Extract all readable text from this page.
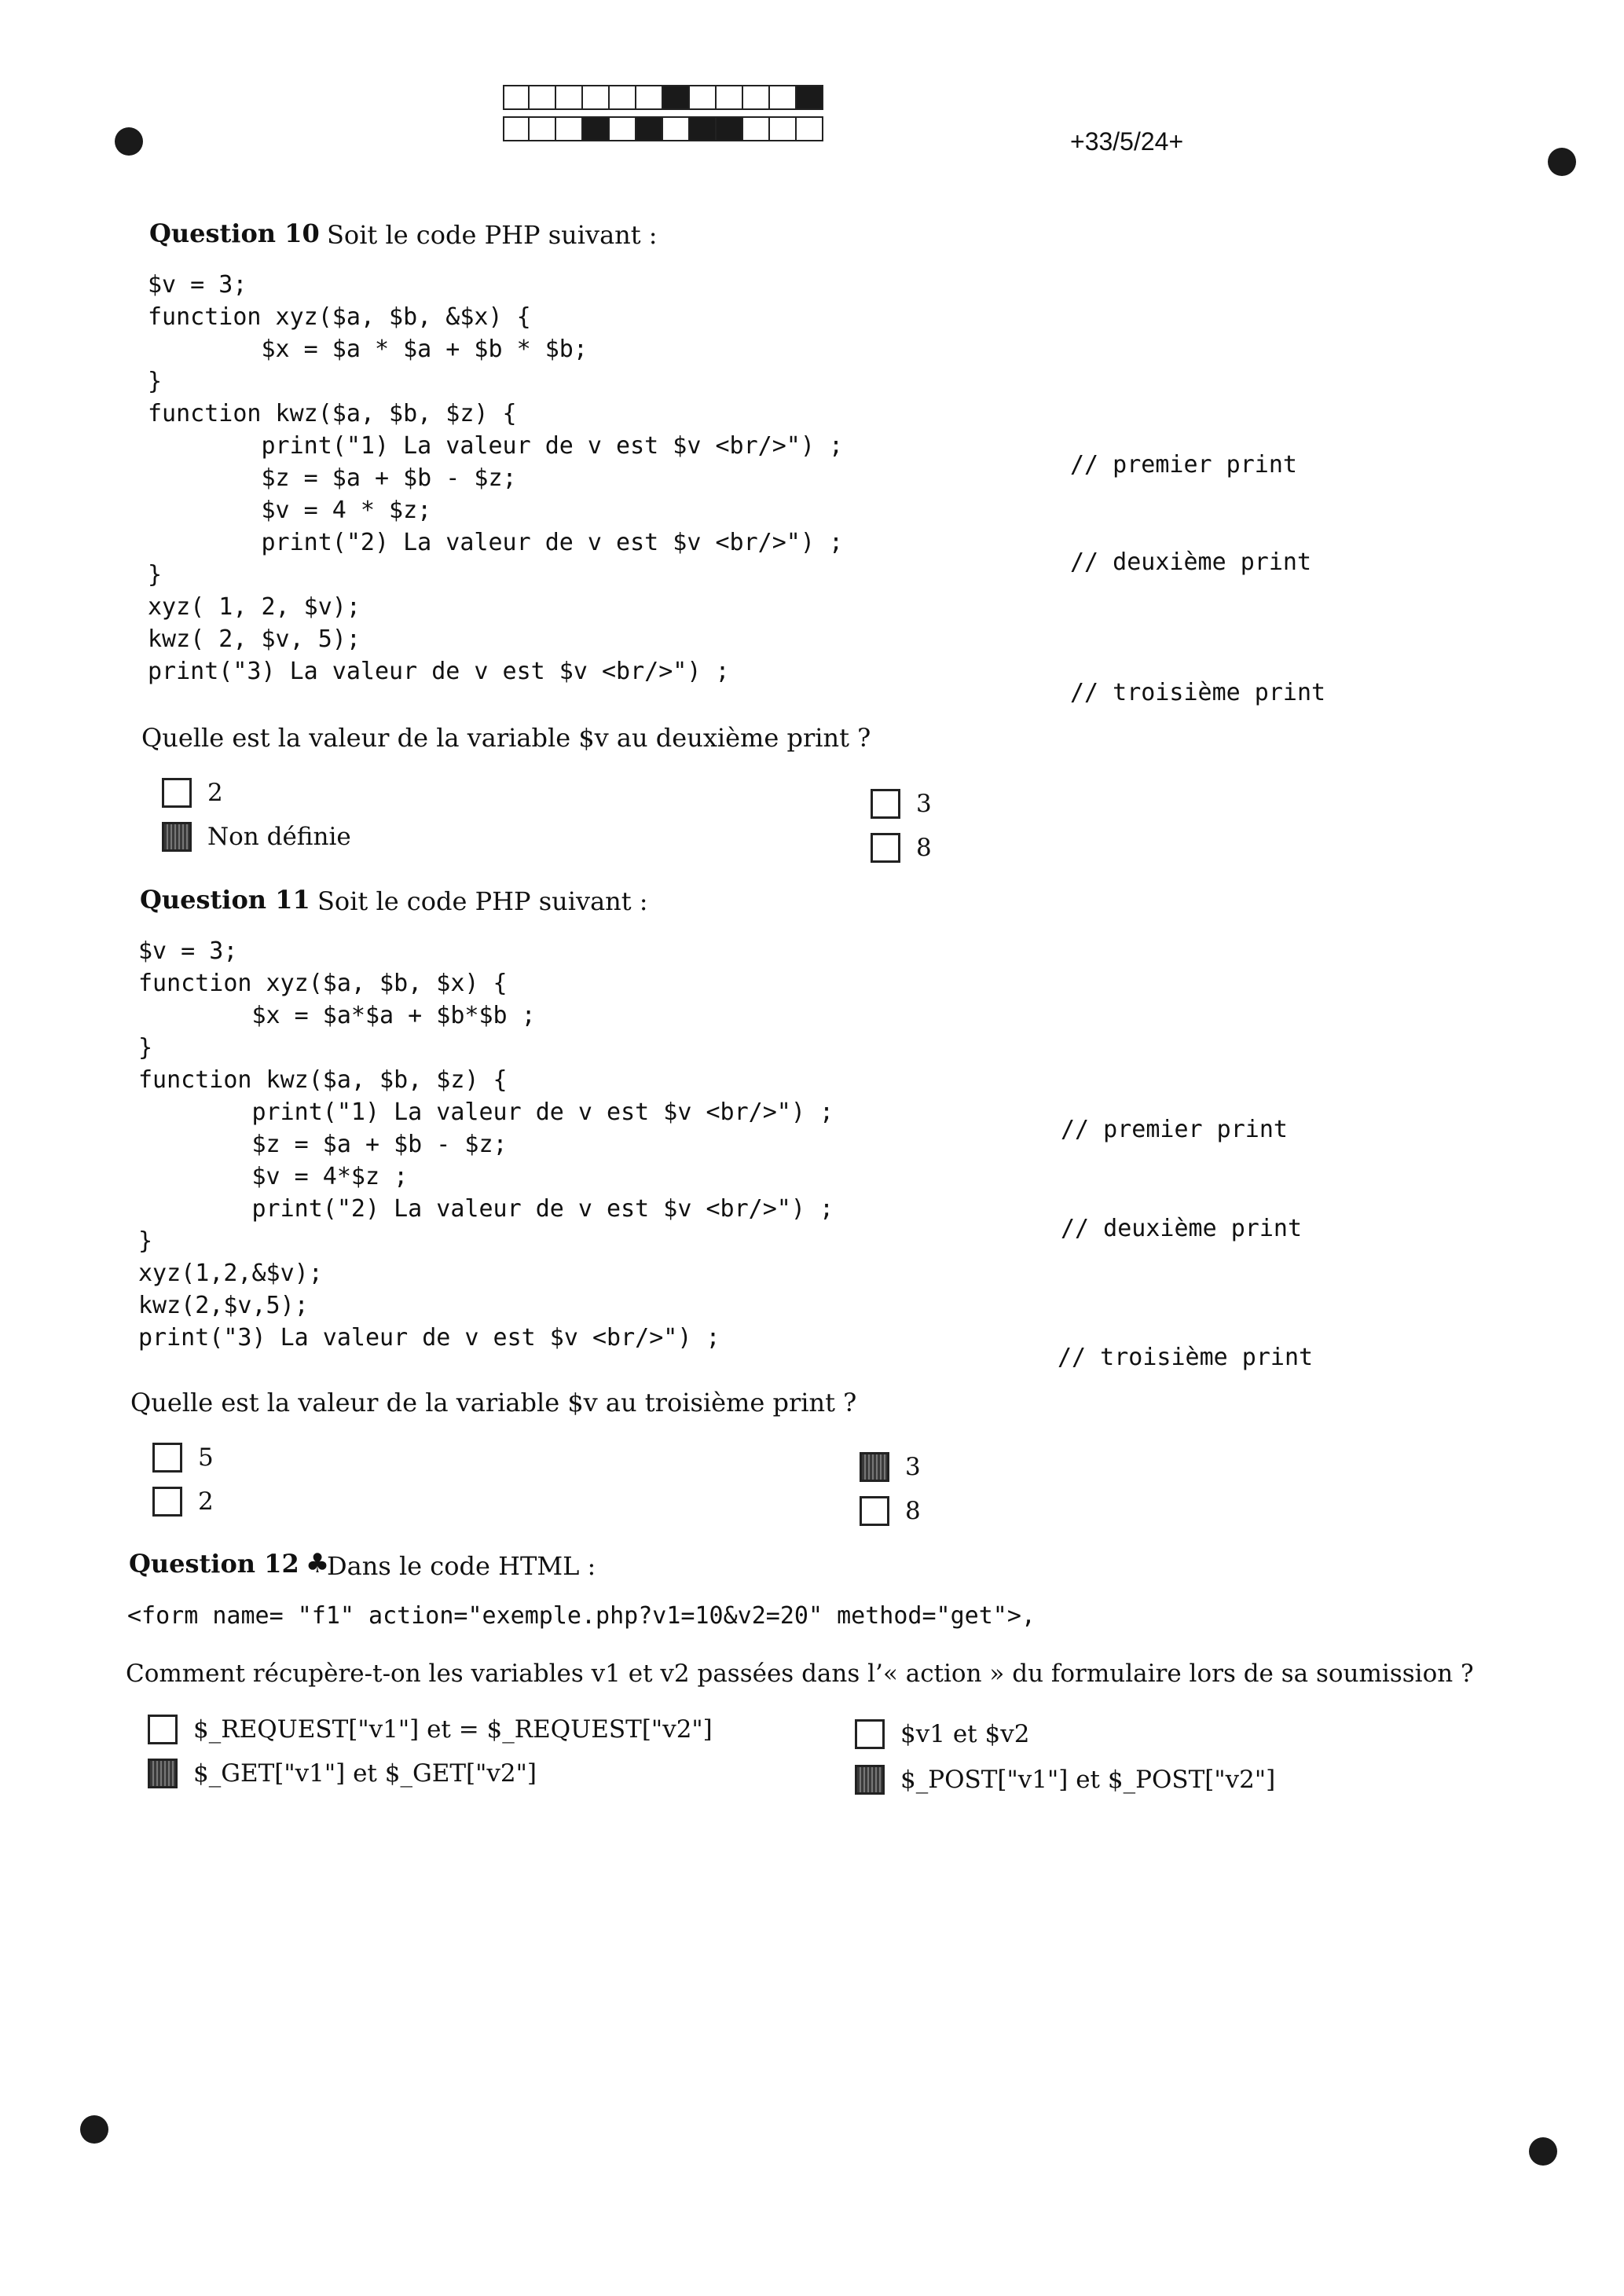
+33/5/24+
Question 10 Soit le code PHP suivant :
$v = 3;
function xyz($a, $b, &$x) {
$x = $a * $a + $b * $b;
}
function kwz($a, $b, $z) {
print("1) La valeur de v est $v <br/>") ;
$z = $a + $b - $z;
$v = 4 * $z;
print("2) La valeur de v est $v <br/>") ;
}
xyz( 1, 2, $v);
kwz( 2, $v, 5);
print("3) La valeur de v est $v <br/>") ;
// premier print
// deuxième print
// troisième print
Quelle est la valeur de la variable $v au deuxième print ?
2
Non définie
3
8
Question 11 Soit le code PHP suivant :
$v = 3;
function xyz($a, $b, $x) {
$x = $a*$a + $b*$b ;
}
function kwz($a, $b, $z) {
print("1) La valeur de v est $v <br/>") ;
$z = $a + $b - $z;
$v = 4*$z ;
print("2) La valeur de v est $v <br/>") ;
}
xyz(1,2,&$v);
kwz(2,$v,5);
print("3) La valeur de v est $v <br/>") ;
// premier print
// deuxième print
// troisième print
Quelle est la valeur de la variable $v au troisième print ?
5
2
3
8
Question 12 ♣
Dans le code HTML :
<form name= "f1" action="exemple.php?v1=10&v2=20" method="get">,
Comment récupère-t-on les variables v1 et v2 passées dans l’« action » du formulaire lors de sa soumission ?
$_REQUEST["v1"] et = $_REQUEST["v2"]
$_GET["v1"] et $_GET["v2"]
$v1 et $v2
$_POST["v1"] et $_POST["v2"]
